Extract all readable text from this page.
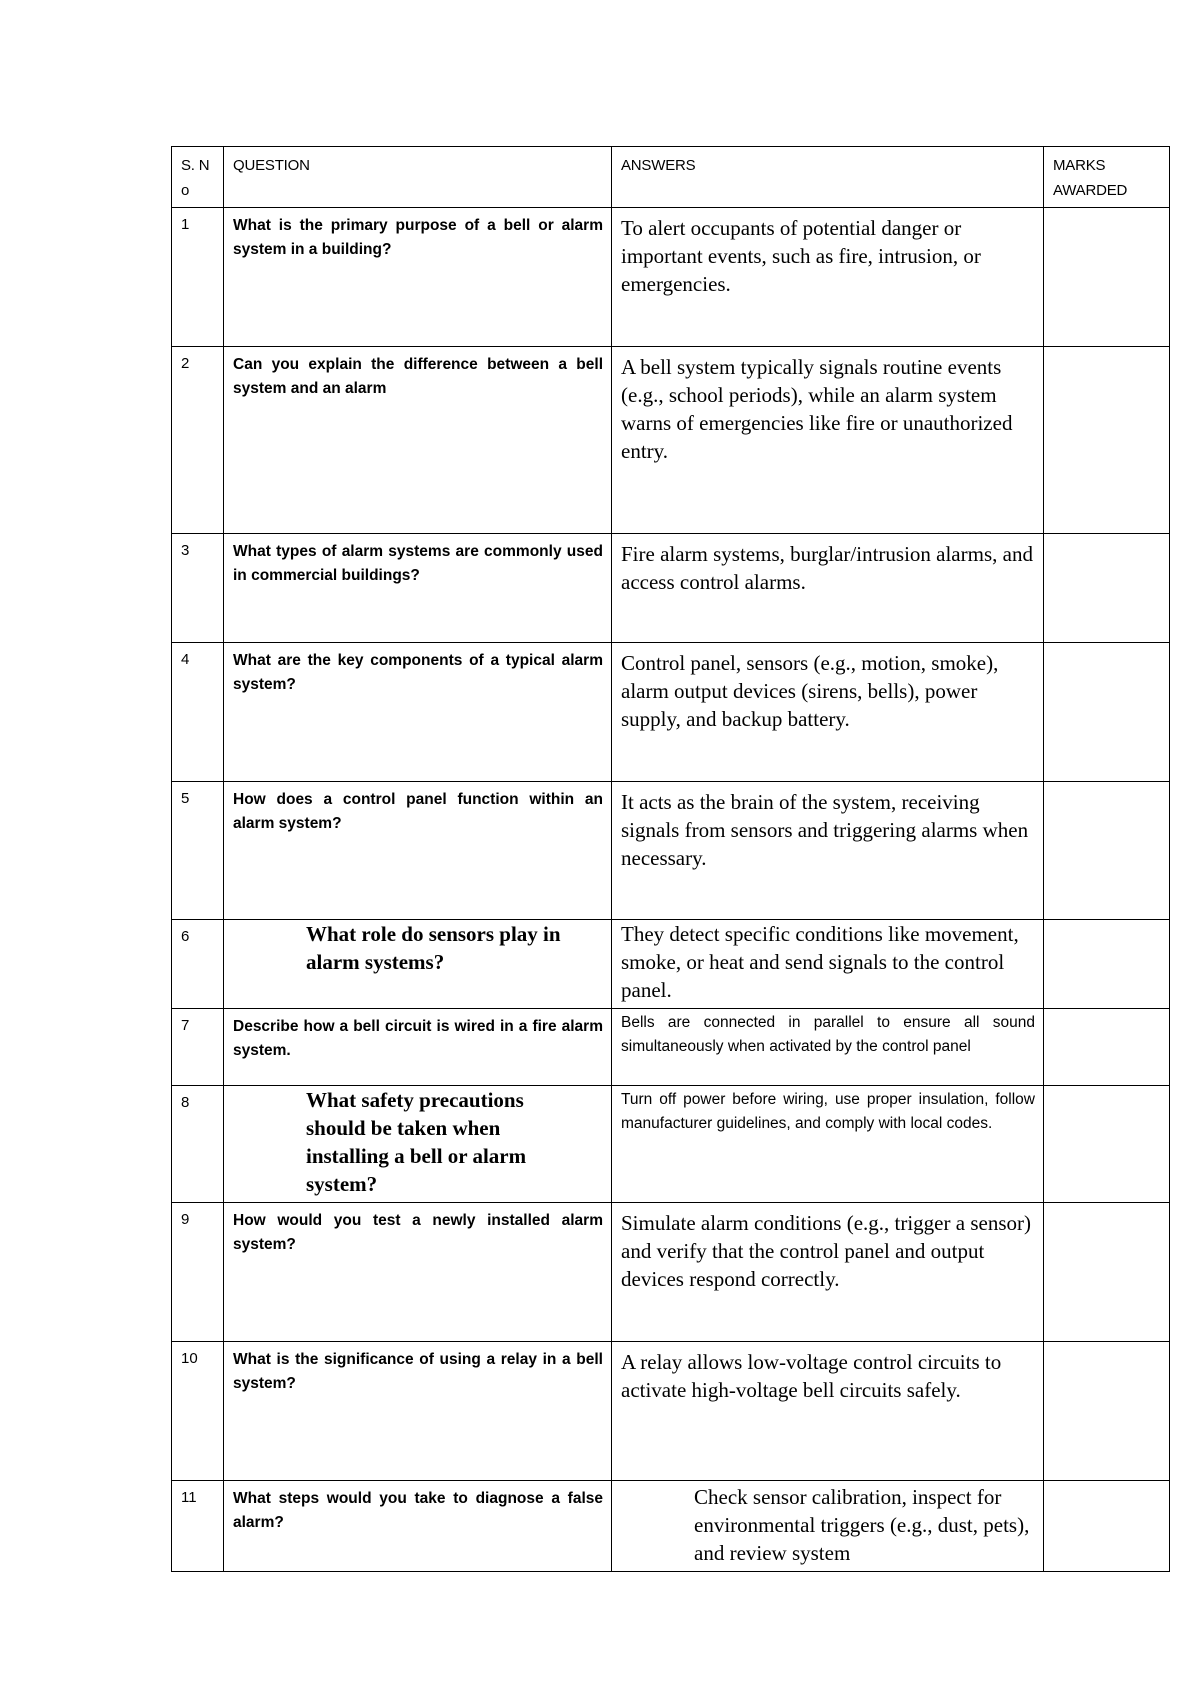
S. N o	QUESTION	ANSWERS	MARKS AWARDED
1	What is the primary purpose of a bell or alarm system in a building?	To alert occupants of potential danger or important events, such as fire, intrusion, or emergencies.	
2	Can you explain the difference between a bell system and an alarm	A bell system typically signals routine events (e.g., school periods), while an alarm system warns of emergencies like fire or unauthorized entry.	
3	What types of alarm systems are commonly used in commercial buildings?	Fire alarm systems, burglar/intrusion alarms, and access control alarms.	
4	What are the key components of a typical alarm system?	Control panel, sensors (e.g., motion, smoke), alarm output devices (sirens, bells), power supply, and backup battery.	
5	How does a control panel function within an alarm system?	It acts as the brain of the system, receiving signals from sensors and triggering alarms when necessary.	
6	What role do sensors play in alarm systems?	They detect specific conditions like movement, smoke, or heat and send signals to the control panel.	
7	Describe how a bell circuit is wired in a fire alarm system.	Bells are connected in parallel to ensure all sound simultaneously when activated by the control panel	
8	What safety precautions should be taken when installing a bell or alarm system?	Turn off power before wiring, use proper insulation, follow manufacturer guidelines, and comply with local codes.	
9	How would you test a newly installed alarm system?	Simulate alarm conditions (e.g., trigger a sensor) and verify that the control panel and output devices respond correctly.	
10	What is the significance of using a relay in a bell system?	A relay allows low-voltage control circuits to activate high-voltage bell circuits safely.	
11	What steps would you take to diagnose a false alarm?	Check sensor calibration, inspect for environmental triggers (e.g., dust, pets), and review system	
